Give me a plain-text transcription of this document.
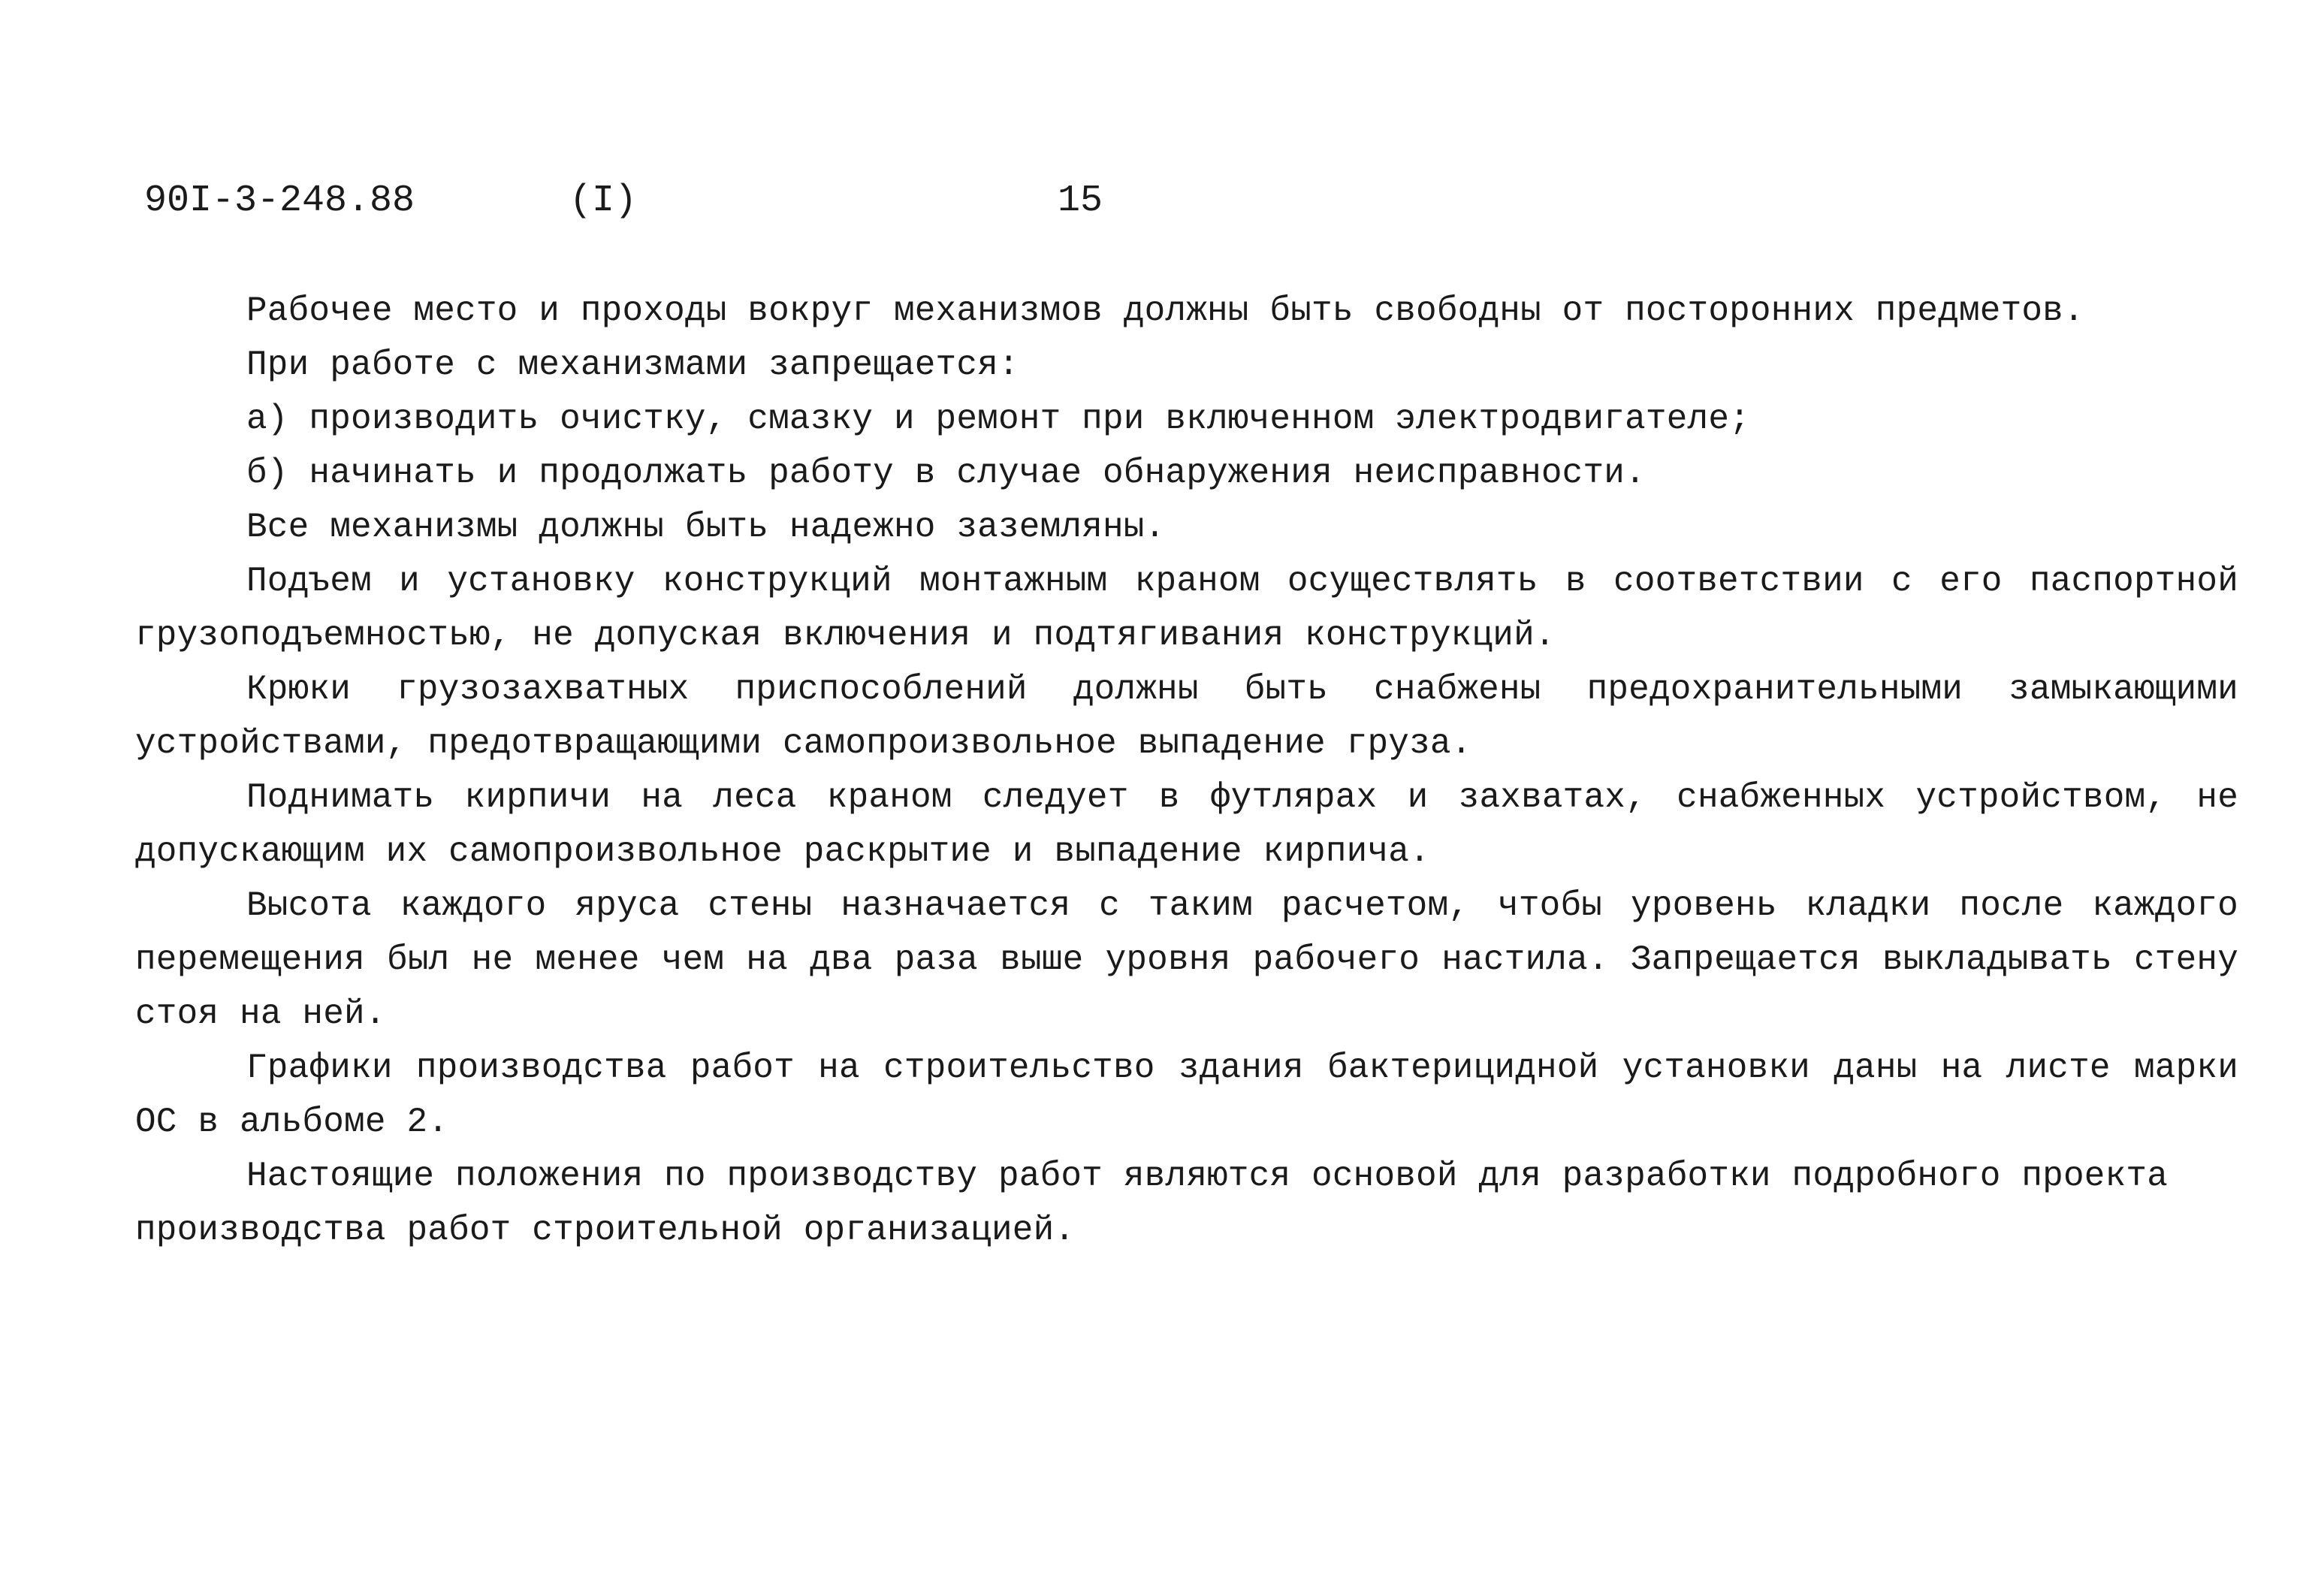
90I-3-248.88	(I)	15

Рабочее место и проходы вокруг механизмов должны быть свободны от посторонних предметов.

При работе с механизмами запрещается:

а) производить очистку, смазку и ремонт при включенном электродвигателе;

б) начинать и продолжать работу в случае обнаружения неисправности.

Все механизмы должны быть надежно заземляны.

Подъем и установку конструкций монтажным краном осуществлять в соответствии с его паспортной грузоподъемностью, не допуская включения и подтягивания конструкций.

Крюки грузозахватных приспособлений должны быть снабжены предохранительными замыкающими устройствами, предотвращающими самопроизвольное выпадение груза.

Поднимать кирпичи на леса краном следует в футлярах и захватах, снабженных устройством, не допускающим их самопроизвольное раскрытие и выпадение кирпича.

Высота каждого яруса стены назначается с таким расчетом, чтобы уровень кладки после каждого перемещения был не менее чем на два раза выше уровня рабочего настила. Запрещается выкладывать стену стоя на ней.

Графики производства работ на строительство здания бактерицидной установки даны на листе марки ОС в альбоме 2.

Настоящие положения по производству работ являются основой для разработки подробного проекта производства работ строительной организацией.
